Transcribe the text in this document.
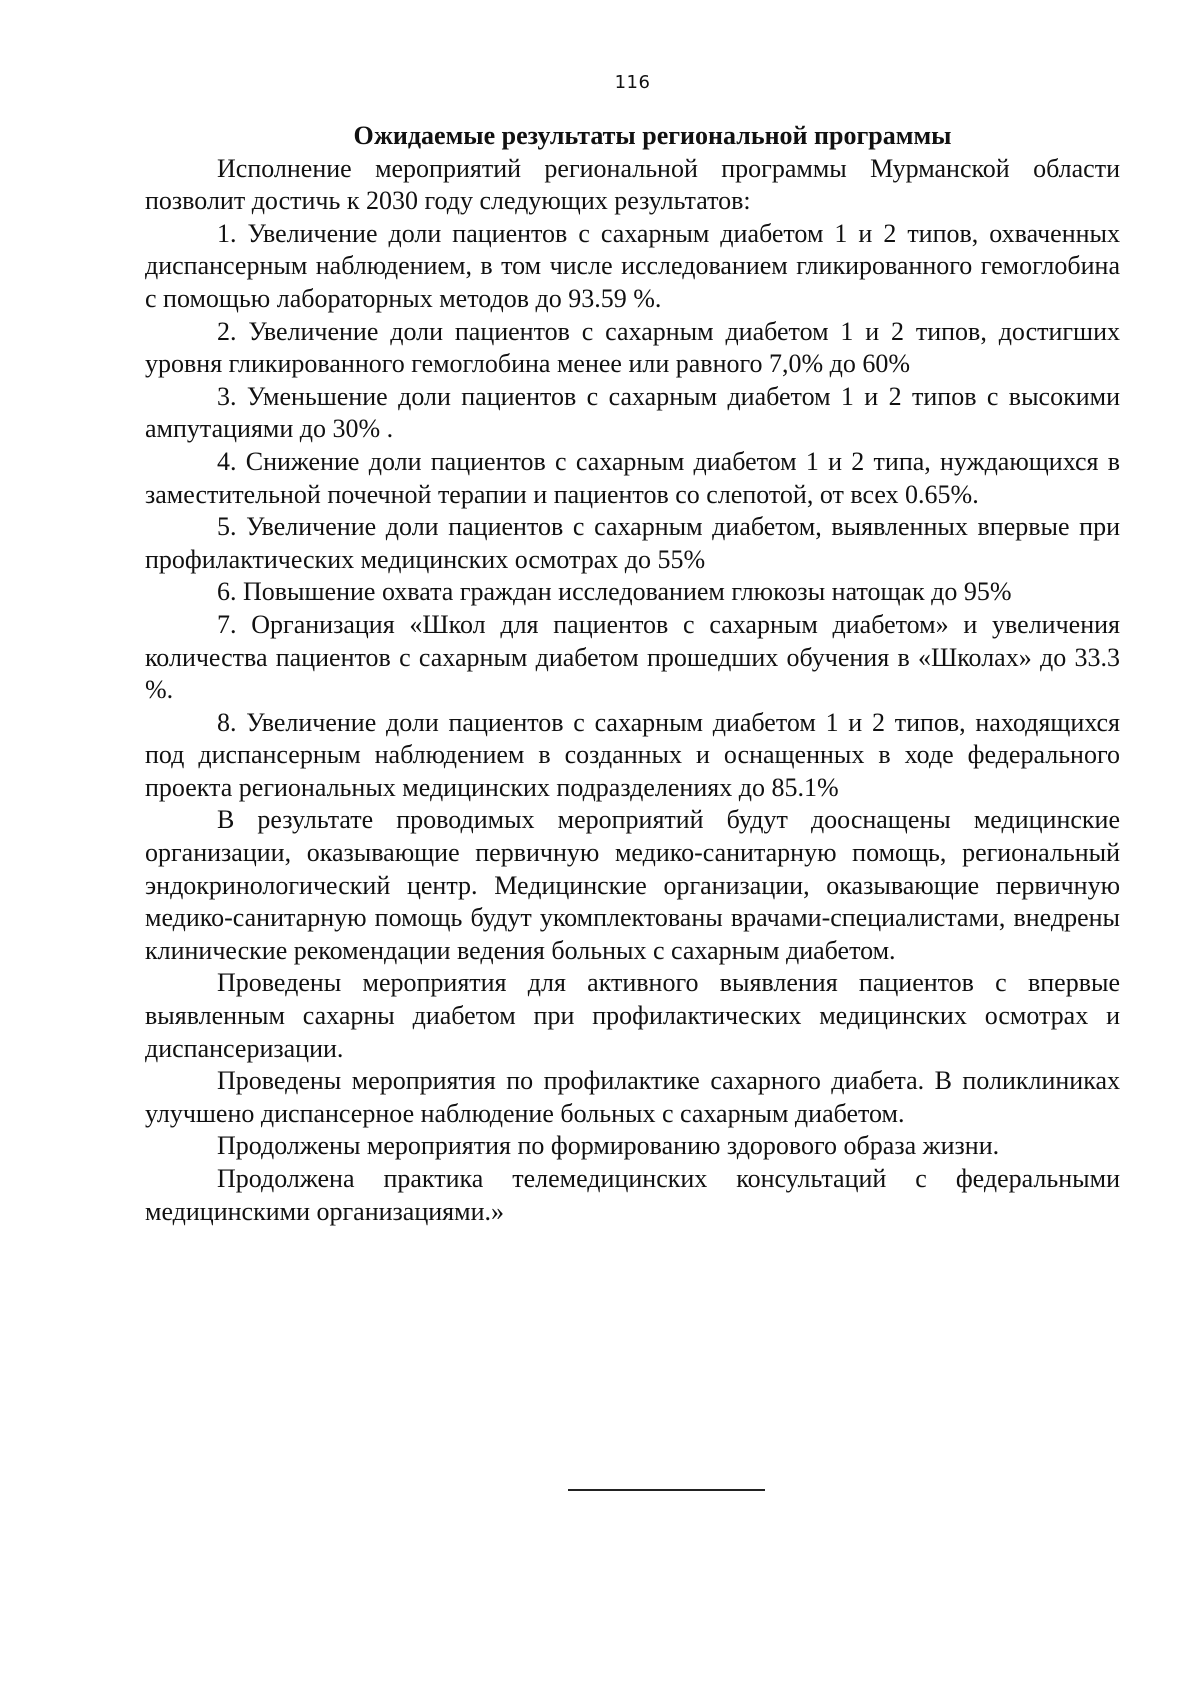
116

Ожидаемые результаты региональной программы

Исполнение мероприятий региональной программы Мурманской области позволит достичь к 2030 году следующих результатов:

1. Увеличение доли пациентов с сахарным диабетом 1 и 2 типов, охваченных диспансерным наблюдением, в том числе исследованием гликированного гемоглобина с помощью лабораторных методов до 93.59 %.

2. Увеличение доли пациентов с сахарным диабетом 1 и 2 типов, достигших уровня гликированного гемоглобина менее или равного 7,0% до 60%

3. Уменьшение доли пациентов с сахарным диабетом 1 и 2 типов с высокими ампутациями до 30% .

4. Снижение доли пациентов с сахарным диабетом 1 и 2 типа, нуждающихся в заместительной почечной терапии и пациентов со слепотой, от всех 0.65%.

5. Увеличение доли пациентов с сахарным диабетом, выявленных впервые при профилактических медицинских осмотрах до 55%

6. Повышение охвата граждан исследованием глюкозы натощак до 95%

7. Организация «Школ для пациентов с сахарным диабетом» и увеличения количества пациентов с сахарным диабетом прошедших обучения в «Школах» до 33.3 %.

8. Увеличение доли пациентов с сахарным диабетом 1 и 2 типов, находящихся под диспансерным наблюдением в созданных и оснащенных в ходе федерального проекта региональных медицинских подразделениях до 85.1%

В результате проводимых мероприятий будут дооснащены медицинские организации, оказывающие первичную медико-санитарную помощь, региональный эндокринологический центр. Медицинские организации, оказывающие первичную медико-санитарную помощь будут укомплектованы врачами-специалистами, внедрены клинические рекомендации ведения больных с сахарным диабетом.

Проведены мероприятия для активного выявления пациентов с впервые выявленным сахарны диабетом при профилактических медицинских осмотрах и диспансеризации.

Проведены мероприятия по профилактике сахарного диабета. В поликлиниках улучшено диспансерное наблюдение больных с сахарным диабетом.

Продолжены мероприятия по формированию здорового образа жизни.

Продолжена практика телемедицинских консультаций с федеральными медицинскими организациями.»
